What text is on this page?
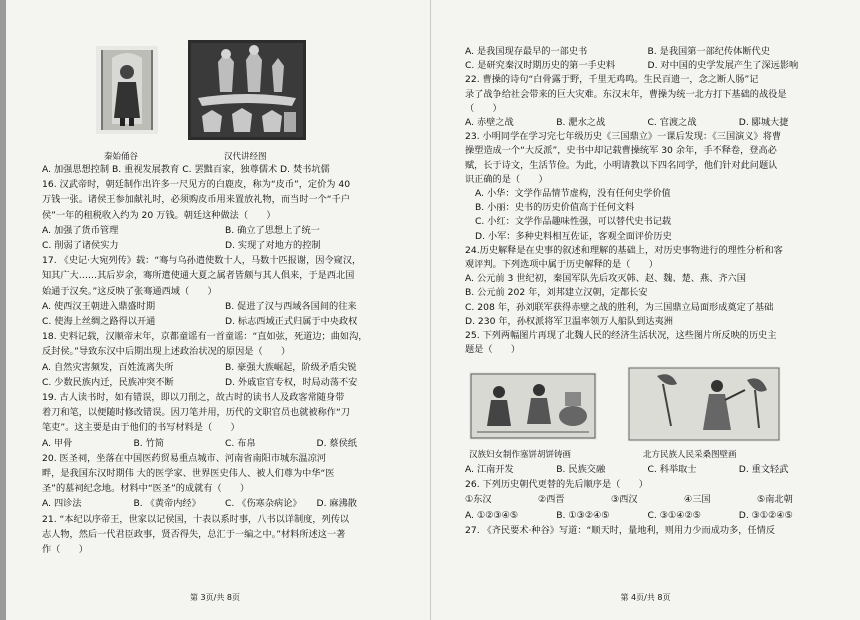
秦始俑谷	汉代讲经图
A. 加强思想控制 B. 重视发展教育 C. 罢黜百家，独尊儒术 D. 焚书坑儒
16. 汉武帝时，朝廷制作出许多一尺见方的白鹿皮，称为“皮币”，定价为 40
万钱一张。诸侯王参加献礼时，必须购皮币用来置放礼物，而当时一个“千户
侯”一年的租税收入约为 20 万钱。朝廷这种做法（　　）
A. 加强了货币管理	B. 确立了思想上了统一
C. 削弱了诸侯实力	D. 实现了对地方的控制
17. 《史记·大宛列传》载：“骞与乌孙遣使数十人，马数十匹报谢，因令窥汉，
知其广大……其后岁余，骞所遣使通大夏之属者皆颇与其人俱来，于是西北国
始通于汉矣。”这反映了张骞通西域（　　）
A. 使西汉王朝进入鼎盛时期	B. 促进了汉与西域各国间的往来
C. 使海上丝绸之路得以开通	D. 标志西域正式归属于中央政权
18. 史料记载，汉顺帝末年，京都童谣有一首童谣：“直如弦，死道边；曲如沟，
反封侯。”导致东汉中后期出现上述政治状况的原因是（　　）
A. 自然灾害频发，百姓流离失所	B. 豪强大族崛起，阶级矛盾尖锐
C. 少数民族内迁，民族冲突不断	D. 外戚宦官专权，时局动荡不安
19. 古人读书时，如有错误，即以刀削之，故古时的读书人及政客常随身带
着刀和笔，以便随时修改错误。因刀笔并用，历代的文职官员也就被称作“刀
笔吏”。这主要是由于他们的书写材料是（　　）
A. 甲骨	B. 竹简	C. 布帛	D. 蔡侯纸
20. 医圣祠，坐落在中国医药贸易重点城市、河南省南阳市城东温凉河
畔，是我国东汉时期伟 大的医学家、世界医史伟人、被人们尊为中华“医
圣”的墓祠纪念地。材料中“医圣”的成就有（　　）
A. 四诊法	B. 《黄帝内经》	C. 《伤寒杂病论》	D. 麻沸散
21. “本纪以序帝王，世家以记侯国，十表以系时事，八书以详制度，列传以
志人物，然后一代君臣政事，贤否得失，总汇于一编之中。”材料所述这一著
作（　　）
第 3页/共 8页
A. 是我国现存最早的一部史书	B. 是我国第一部纪传体断代史
C. 是研究秦汉时期历史的第一手史料	D. 对中国的史学发展产生了深远影响
22. 曹操的诗句“白骨露于野，千里无鸡鸣。生民百遗一，念之断人肠”记
录了战争给社会带来的巨大灾难。东汉末年，曹操为统一北方打下基础的战役是
（　　）
A. 赤壁之战	B. 淝水之战	C. 官渡之战	D. 郾城大捷
23. 小明同学在学习完七年级历史《三国鼎立》一课后发现：《三国演义》将曹
操塑造成一个“大反派”，史书中却记载曹操统军 30 余年，手不释卷，登高必
赋，长于诗文，生活节俭。为此，小明请教以下四名同学，他们针对此问题认
识正确的是（　　）
A. 小华：文学作品情节虚构，没有任何史学价值
B. 小丽：史书的历史价值高于任何文料
C. 小红：文学作品趣味性强，可以替代史书记载
D. 小军：多种史料相互佐证，客观全面评价历史
24.历史解释是在史事的叙述和理解的基础上，对历史事物进行的理性分析和客
观评判。下列选项中属于历史解释的是（　　）
A. 公元前 3 世纪初，秦国军队先后攻灭韩、赵、魏、楚、燕、齐六国
B. 公元前 202 年，刘邦建立汉朝，定都长安
C. 208 年，孙刘联军获得赤壁之战的胜利，为三国鼎立局面形成奠定了基础
D. 230 年，孙权派将军卫温率领万人船队到达夷洲
25. 下列两幅图片再现了北魏人民的经济生活状况，这些图片所反映的历史主
题是（　　）
汉族妇女制作塞饼胡饼铸画	北方民族人民采桑图壁画
A. 江南开发	B. 民族交融	C. 科举取士	D. 重文轻武
26. 下列历史朝代更替的先后顺序是（　　）
①东汉	②西晋	③西汉	④三国	⑤南北朝
A. ①②③④⑤	B. ①③②④⑤	C. ③①④②⑤	D. ③①②④⑤
27. 《齐民要术·种谷》写道：“顺天时，量地利，则用力少而成功多，任情反
第 4页/共 8页
